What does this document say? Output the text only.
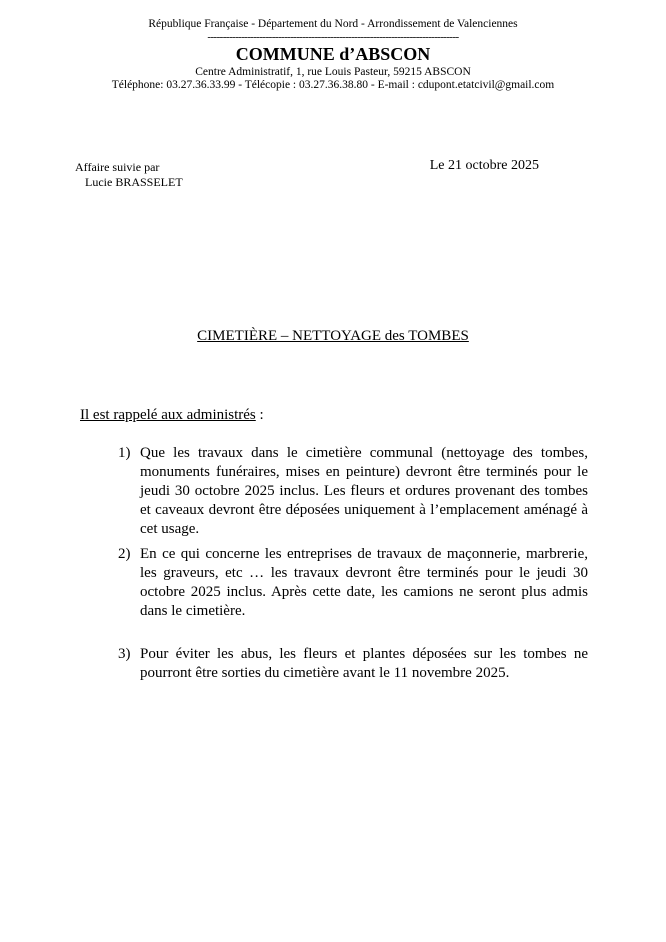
République Française - Département du Nord - Arrondissement de Valenciennes
----------------------------------------------------------------------------------
COMMUNE d’ABSCON
Centre Administratif, 1, rue Louis Pasteur, 59215 ABSCON
Téléphone: 03.27.36.33.99 - Télécopie : 03.27.36.38.80 - E-mail : cdupont.etatcivil@gmail.com
Affaire suivie par
Lucie BRASSELET
Le 21 octobre 2025
CIMETIÈRE – NETTOYAGE des TOMBES
Il est rappelé aux administrés :
1) Que les travaux dans le cimetière communal (nettoyage des tombes, monuments funéraires, mises en peinture) devront être terminés pour le jeudi 30 octobre 2025 inclus. Les fleurs et ordures provenant des tombes et caveaux devront être déposées uniquement à l’emplacement aménagé à cet usage.
2) En ce qui concerne les entreprises de travaux de maçonnerie, marbrerie, les graveurs, etc … les travaux devront être terminés pour le jeudi 30 octobre 2025 inclus. Après cette date, les camions ne seront plus admis dans le cimetière.
3) Pour éviter les abus, les fleurs et plantes déposées sur les tombes ne pourront être sorties du cimetière avant le 11 novembre 2025.
